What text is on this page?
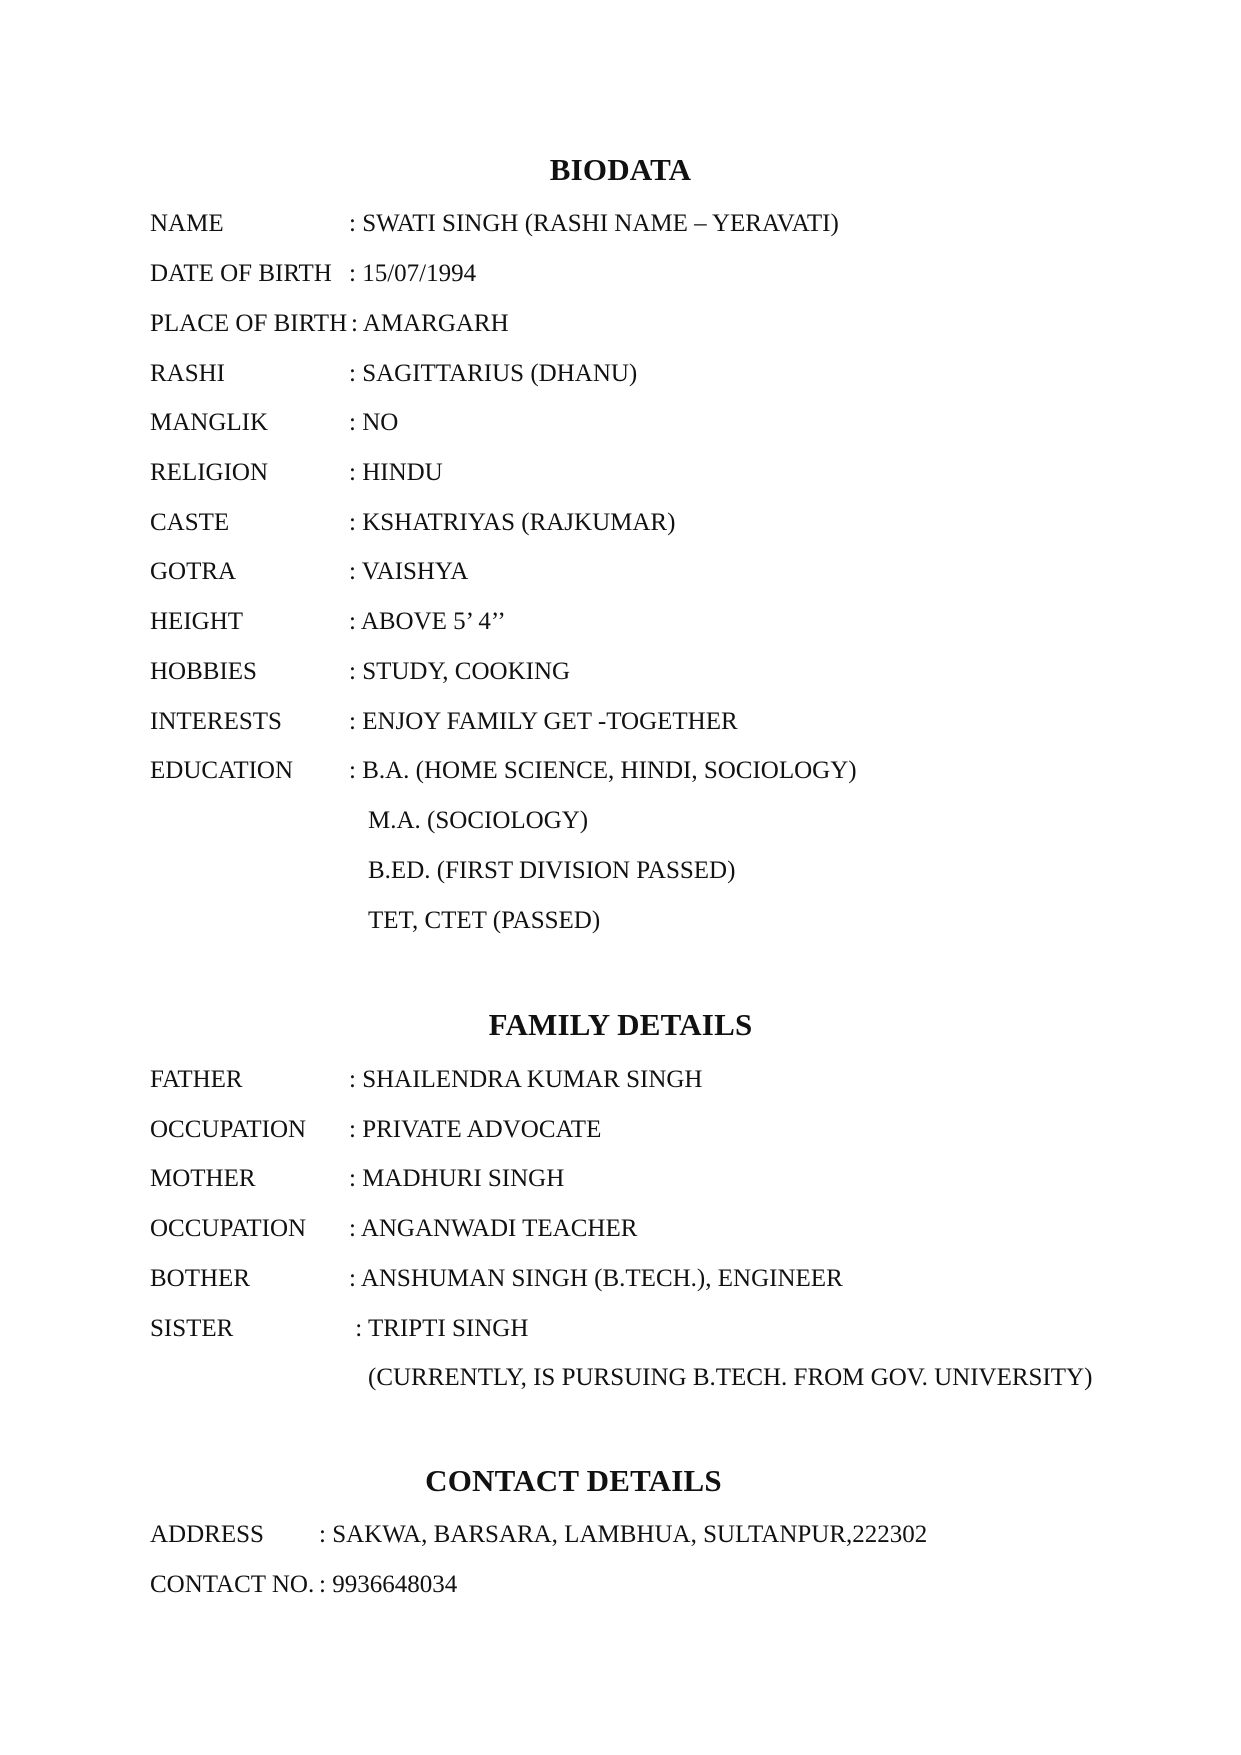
BIODATA
NAME	: SWATI SINGH (RASHI NAME – YERAVATI)
DATE OF BIRTH : 15/07/1994
PLACE OF BIRTH : AMARGARH
RASHI	: SAGITTARIUS (DHANU)
MANGLIK	: NO
RELIGION	: HINDU
CASTE	: KSHATRIYAS (RAJKUMAR)
GOTRA	: VAISHYA
HEIGHT	: ABOVE 5’ 4’’
HOBBIES	: STUDY, COOKING
INTERESTS	: ENJOY FAMILY GET -TOGETHER
EDUCATION : B.A. (HOME SCIENCE, HINDI, SOCIOLOGY)
M.A. (SOCIOLOGY)
B.ED. (FIRST DIVISION PASSED)
TET, CTET (PASSED)
FAMILY DETAILS
FATHER	: SHAILENDRA KUMAR SINGH
OCCUPATION : PRIVATE ADVOCATE
MOTHER	: MADHURI SINGH
OCCUPATION : ANGANWADI TEACHER
BOTHER	: ANSHUMAN SINGH (B.TECH.), ENGINEER
SISTER	: TRIPTI SINGH
(CURRENTLY, IS PURSUING B.TECH. FROM GOV. UNIVERSITY)
CONTACT DETAILS
ADDRESS : SAKWA, BARSARA, LAMBHUA, SULTANPUR,222302
CONTACT NO. : 9936648034
